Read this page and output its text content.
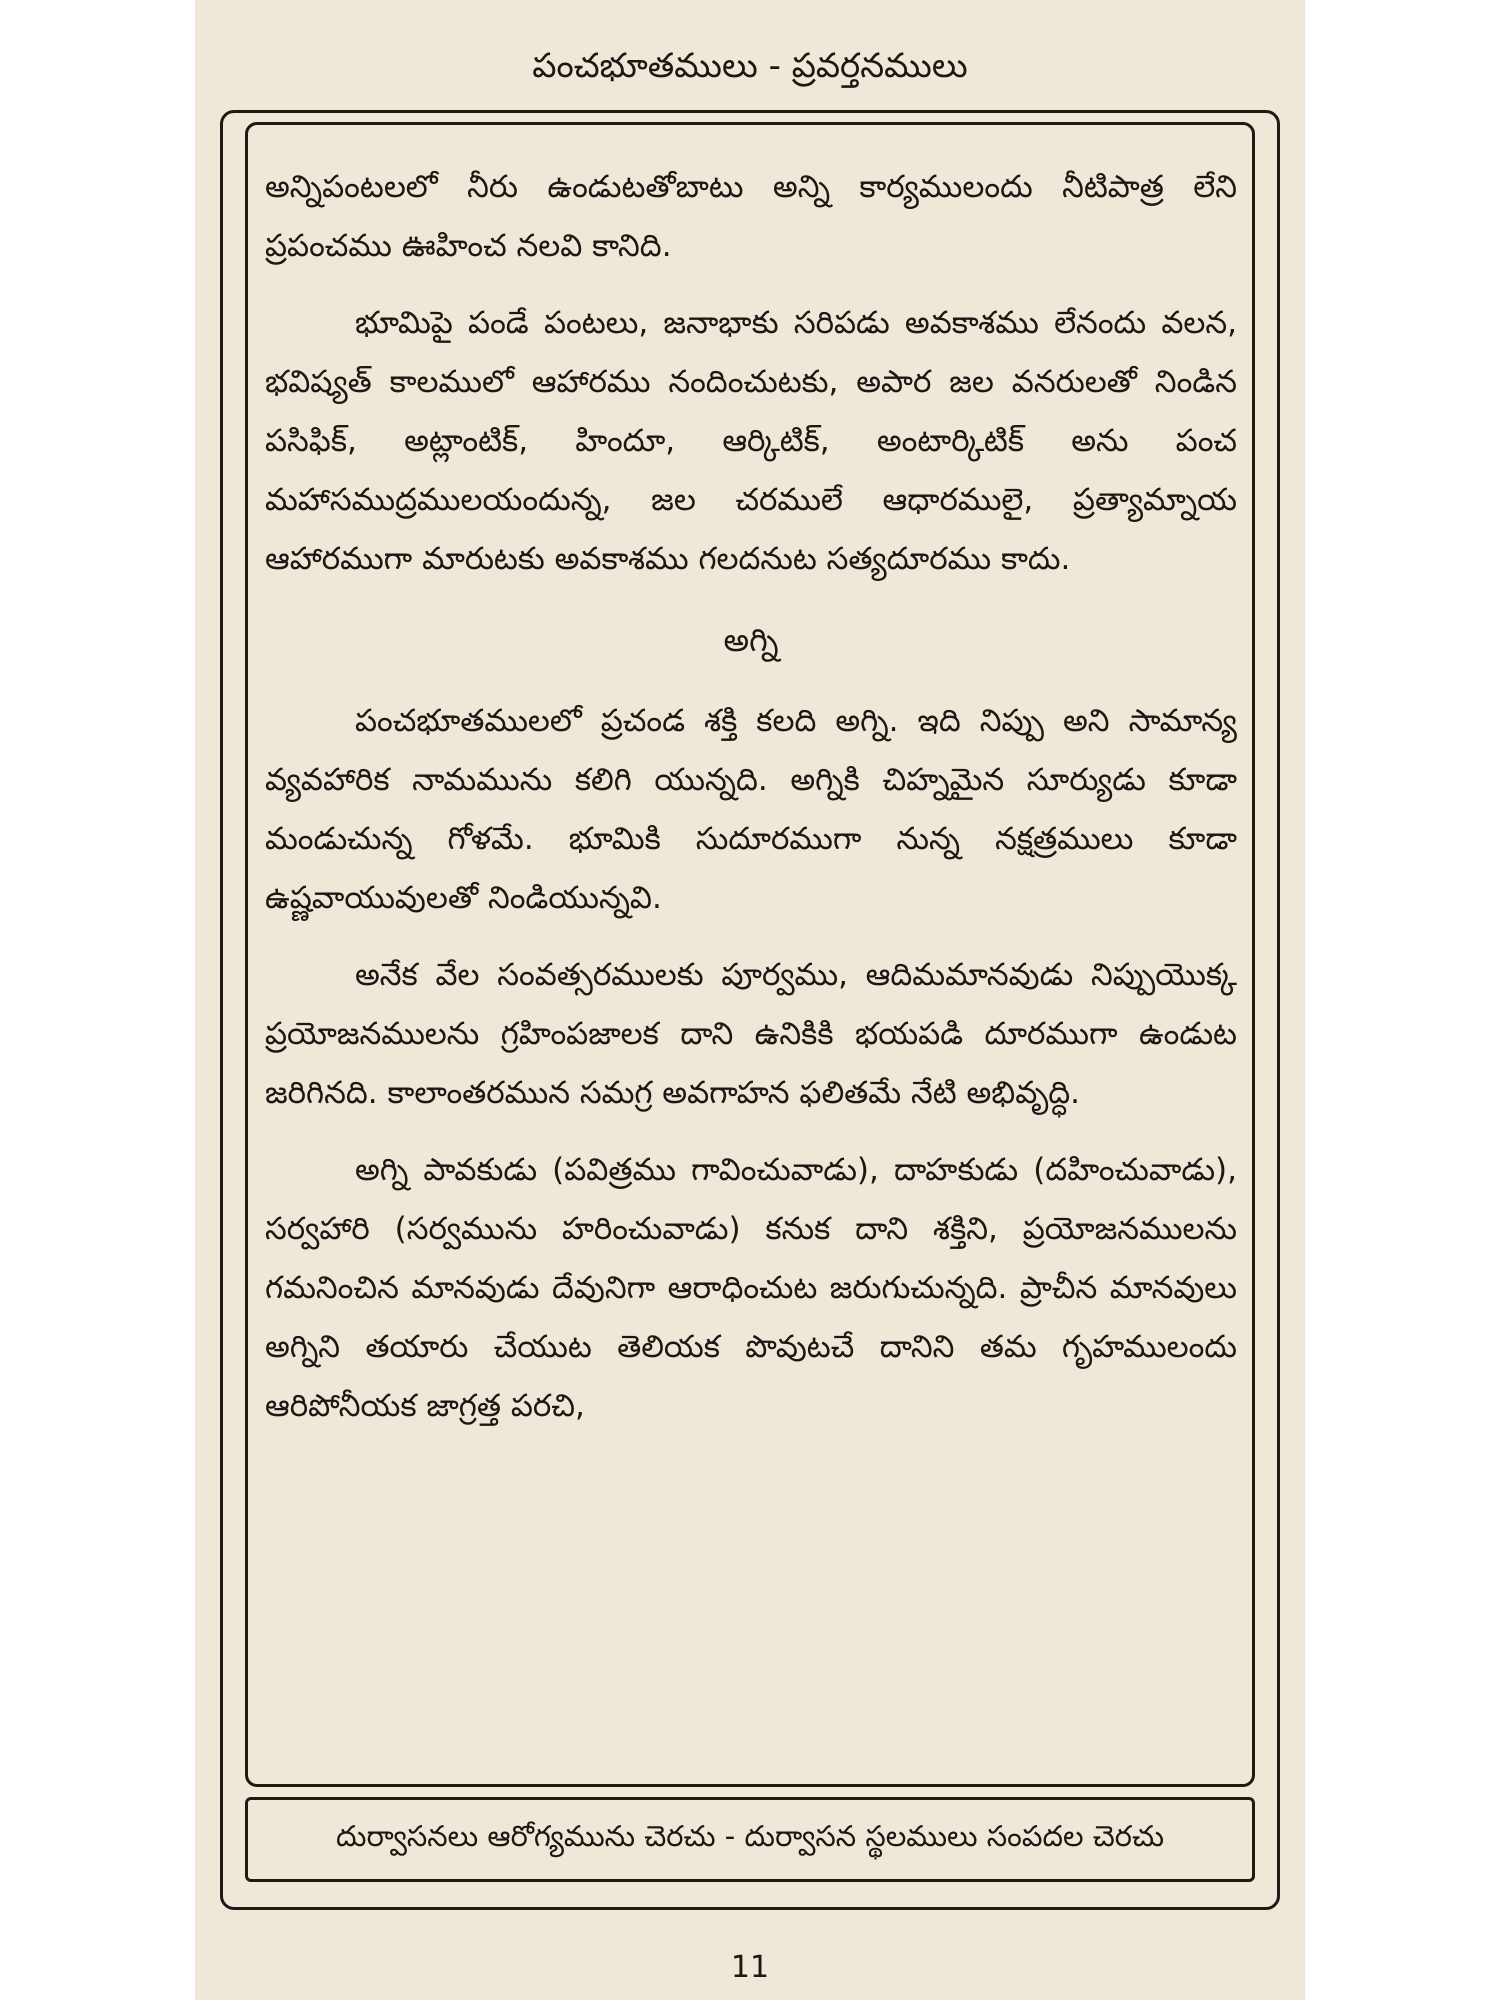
పంచభూతములు - ప్రవర్తనములు

అన్నిపంటలలో నీరు ఉండుటతోబాటు అన్ని కార్యములందు నీటిపాత్ర లేని ప్రపంచము ఊహించ నలవి కానిది.

భూమిపై పండే పంటలు, జనాభాకు సరిపడు అవకాశము లేనందు వలన, భవిష్యత్ కాలములో ఆహారము నందించుటకు, అపార జల వనరులతో నిండిన పసిఫిక్, అట్లాంటిక్, హిందూ, ఆర్కిటిక్, అంటార్కిటిక్ అను పంచ మహాసముద్రములయందున్న, జల చరములే ఆధారములై, ప్రత్యామ్నాయ ఆహారముగా మారుటకు అవకాశము గలదనుట సత్యదూరము కాదు.

అగ్ని

పంచభూతములలో ప్రచండ శక్తి కలది అగ్ని. ఇది నిప్పు అని సామాన్య వ్యవహారిక నామమును కలిగి యున్నది. అగ్నికి చిహ్నమైన సూర్యుడు కూడా మండుచున్న గోళమే. భూమికి సుదూరముగా నున్న నక్షత్రములు కూడా ఉష్ణవాయువులతో నిండియున్నవి.

అనేక వేల సంవత్సరములకు పూర్వము, ఆదిమమానవుడు నిప్పుయొక్క ప్రయోజనములను గ్రహింపజాలక దాని ఉనికికి భయపడి దూరముగా ఉండుట జరిగినది. కాలాంతరమున సమగ్ర అవగాహన ఫలితమే నేటి అభివృద్ధి.

అగ్ని పావకుడు (పవిత్రము గావించువాడు), దాహకుడు (దహించువాడు), సర్వహారి (సర్వమును హరించువాడు) కనుక దాని శక్తిని, ప్రయోజనములను గమనించిన మానవుడు దేవునిగా ఆరాధించుట జరుగుచున్నది. ప్రాచీన మానవులు అగ్నిని తయారు చేయుట తెలియక పొవుటచే దానిని తమ గృహములందు ఆరిపోనీయక జాగ్రత్త పరచి,

దుర్వాసనలు ఆరోగ్యమును చెరచు - దుర్వాసన స్థలములు సంపదల చెరచు
11
